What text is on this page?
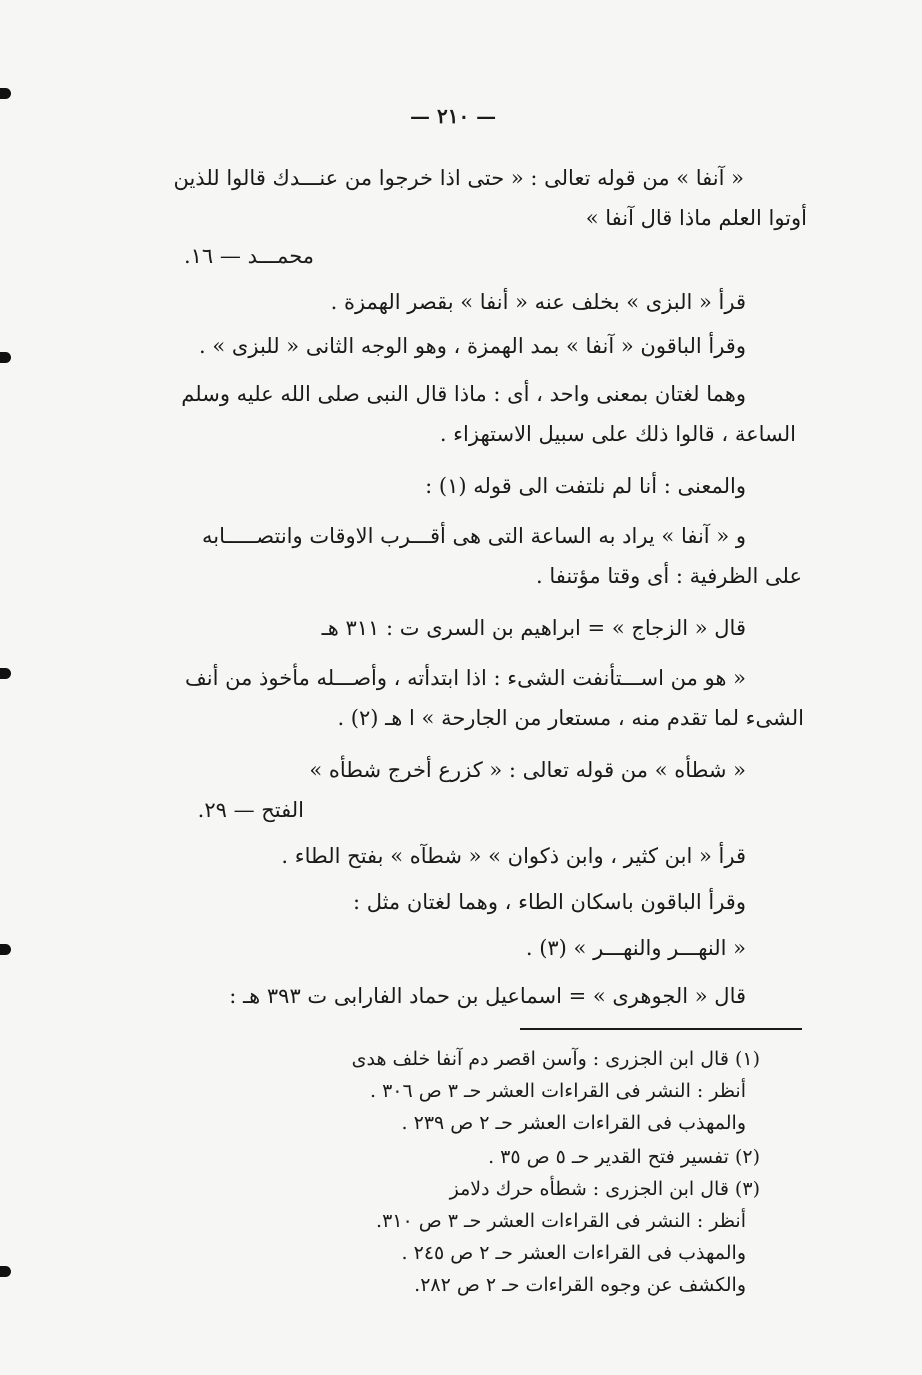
— ٢١٠ —
« آنفا » من قوله تعالى : « حتى اذا خرجوا من عنـــدك قالوا للذين
أوتوا العلم ماذا قال آنفا »
محمـــد — ١٦.
قرأ « البزى » بخلف عنه « أنفا » بقصر الهمزة .
وقرأ الباقون « آنفا » بمد الهمزة ، وهو الوجه الثانى « للبزى » .
وهما لغتان بمعنى واحد ، أى : ماذا قال النبى صلى الله عليه وسلم
الساعة ، قالوا ذلك على سبيل الاستهزاء .
والمعنى : أنا لم نلتفت الى قوله (١) :
و « آنفا » يراد به الساعة التى هى أقـــرب الاوقات وانتصـــــابه
على الظرفية : أى وقتا مؤتنفا .
قال « الزجاج » = ابراهيم بن السرى ت : ٣١١ هـ
« هو من اســـتأنفت الشىء : اذا ابتدأته ، وأصـــله مأخوذ من أنف
الشىء لما تقدم منه ، مستعار من الجارحة » ا هـ (٢) .
« شطأه » من قوله تعالى : « كزرع أخرج شطأه »
الفتح — ٢٩.
قرأ « ابن كثير ، وابن ذكوان » « شطآه » بفتح الطاء .
وقرأ الباقون باسكان الطاء ، وهما لغتان مثل :
« النهـــر والنهـــر » (٣) .
قال « الجوهرى » = اسماعيل بن حماد الفارابى ت ٣٩٣ هـ :
(١) قال ابن الجزرى : وآسن اقصر دم آنفا خلف هدى
أنظر : النشر فى القراءات العشر حـ ٣ ص ٣٠٦ .
والمهذب فى القراءات العشر حـ ٢ ص ٢٣٩ .
(٢) تفسير فتح القدير حـ ٥ ص ٣٥ .
(٣) قال ابن الجزرى : شطأه حرك دلامز
أنظر : النشر فى القراءات العشر حـ ٣ ص ٣١٠.
والمهذب فى القراءات العشر حـ ٢ ص ٢٤٥ .
والكشف عن وجوه القراءات حـ ٢ ص ٢٨٢.
